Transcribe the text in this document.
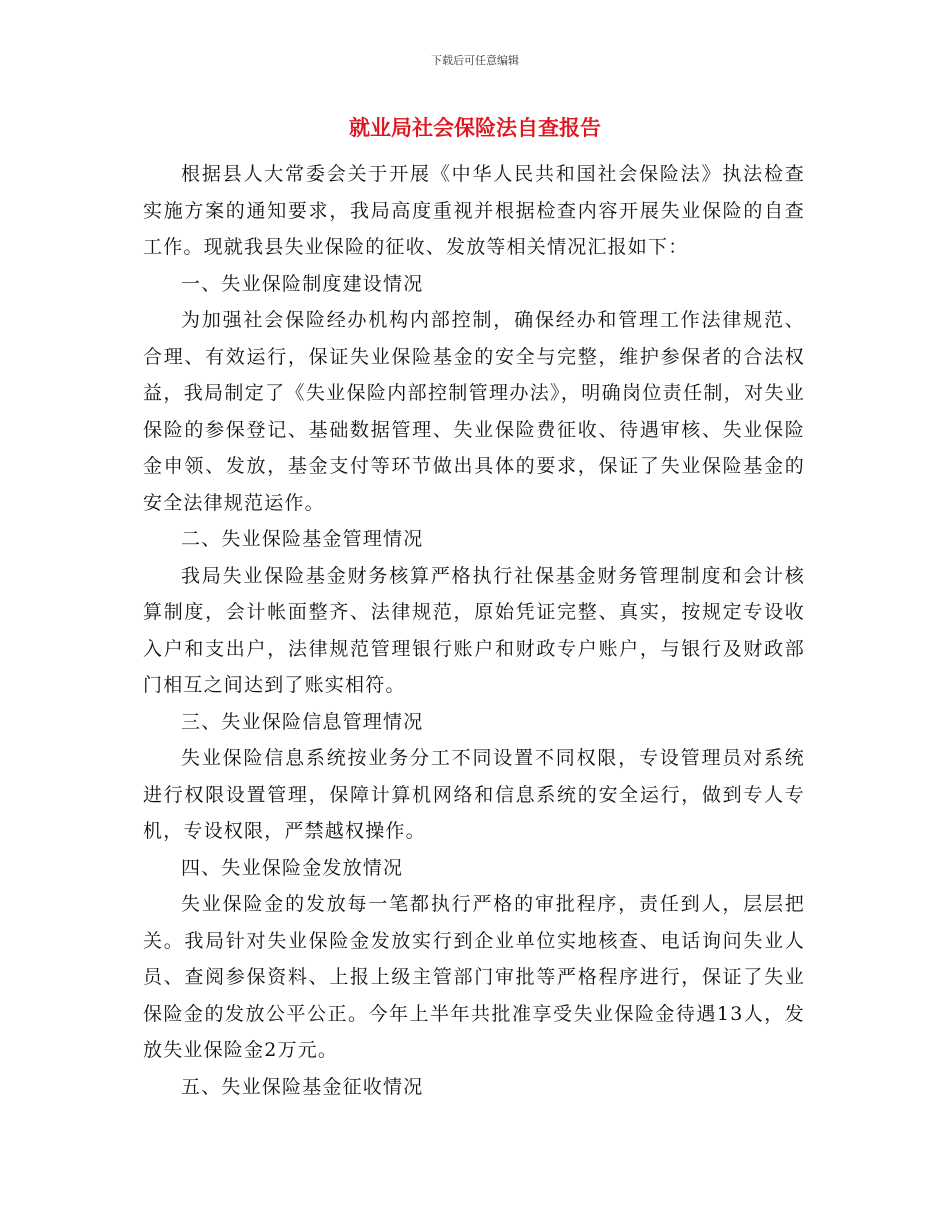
下载后可任意编辑
就业局社会保险法自查报告

根据县人大常委会关于开展《中华人民共和国社会保险法》执法检查实施方案的通知要求，我局高度重视并根据检查内容开展失业保险的自查工作。现就我县失业保险的征收、发放等相关情况汇报如下：

一、失业保险制度建设情况

为加强社会保险经办机构内部控制，确保经办和管理工作法律规范、合理、有效运行，保证失业保险基金的安全与完整，维护参保者的合法权益，我局制定了《失业保险内部控制管理办法》，明确岗位责任制，对失业保险的参保登记、基础数据管理、失业保险费征收、待遇审核、失业保险金申领、发放，基金支付等环节做出具体的要求，保证了失业保险基金的安全法律规范运作。

二、失业保险基金管理情况

我局失业保险基金财务核算严格执行社保基金财务管理制度和会计核算制度，会计帐面整齐、法律规范，原始凭证完整、真实，按规定专设收入户和支出户，法律规范管理银行账户和财政专户账户，与银行及财政部门相互之间达到了账实相符。

三、失业保险信息管理情况

失业保险信息系统按业务分工不同设置不同权限，专设管理员对系统进行权限设置管理，保障计算机网络和信息系统的安全运行，做到专人专机，专设权限，严禁越权操作。

四、失业保险金发放情况

失业保险金的发放每一笔都执行严格的审批程序，责任到人，层层把关。我局针对失业保险金发放实行到企业单位实地核查、电话询问失业人员、查阅参保资料、上报上级主管部门审批等严格程序进行，保证了失业保险金的发放公平公正。今年上半年共批准享受失业保险金待遇13人，发放失业保险金2万元。

五、失业保险基金征收情况
